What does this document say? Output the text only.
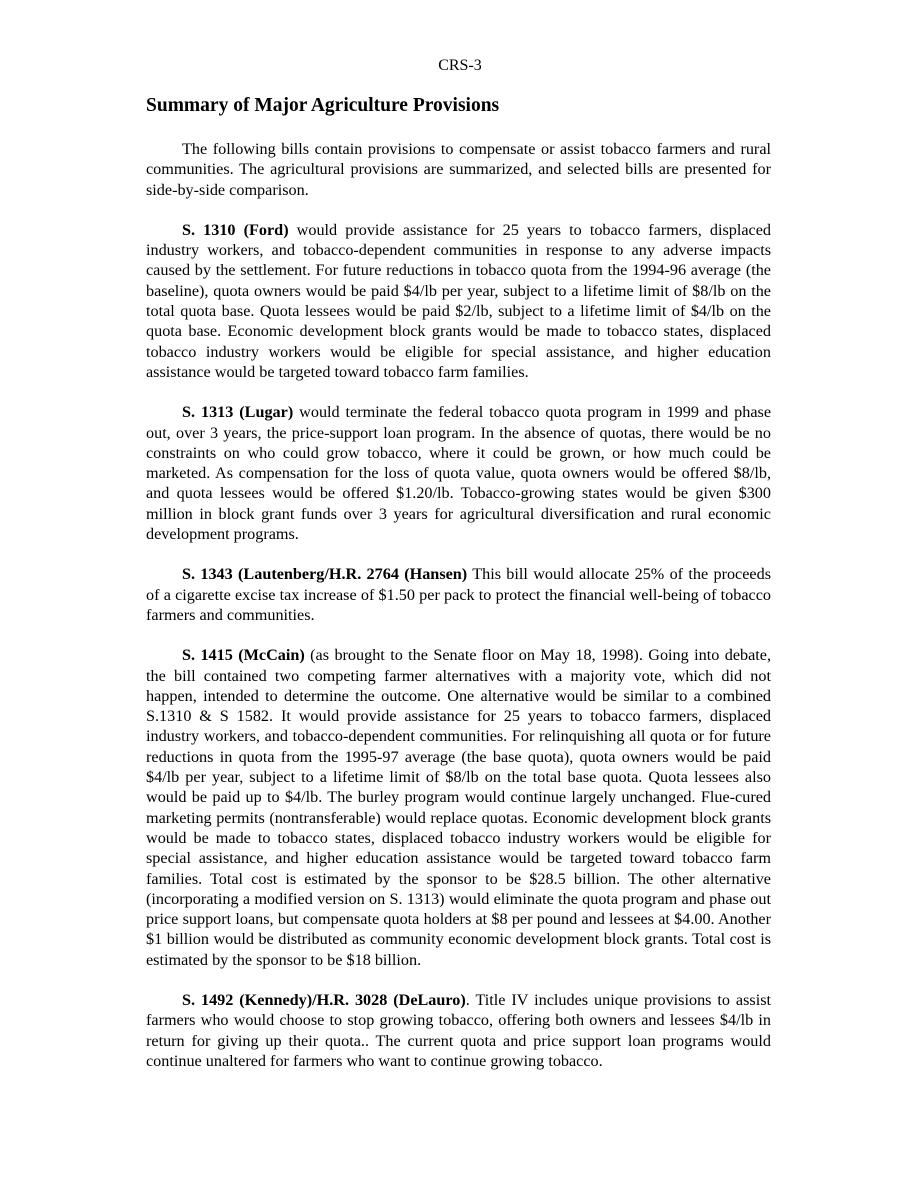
CRS-3
Summary of Major Agriculture Provisions

The following bills contain provisions to compensate or assist tobacco farmers and rural communities. The agricultural provisions are summarized, and selected bills are presented for side-by-side comparison.

S. 1310 (Ford) would provide assistance for 25 years to tobacco farmers, displaced industry workers, and tobacco-dependent communities in response to any adverse impacts caused by the settlement. For future reductions in tobacco quota from the 1994-96 average (the baseline), quota owners would be paid $4/lb per year, subject to a lifetime limit of $8/lb on the total quota base. Quota lessees would be paid $2/lb, subject to a lifetime limit of $4/lb on the quota base. Economic development block grants would be made to tobacco states, displaced tobacco industry workers would be eligible for special assistance, and higher education assistance would be targeted toward tobacco farm families.

S. 1313 (Lugar) would terminate the federal tobacco quota program in 1999 and phase out, over 3 years, the price-support loan program. In the absence of quotas, there would be no constraints on who could grow tobacco, where it could be grown, or how much could be marketed. As compensation for the loss of quota value, quota owners would be offered $8/lb, and quota lessees would be offered $1.20/lb. Tobacco-growing states would be given $300 million in block grant funds over 3 years for agricultural diversification and rural economic development programs.

S. 1343 (Lautenberg/H.R. 2764 (Hansen) This bill would allocate 25% of the proceeds of a cigarette excise tax increase of $1.50 per pack to protect the financial well-being of tobacco farmers and communities.

S. 1415 (McCain) (as brought to the Senate floor on May 18, 1998). Going into debate, the bill contained two competing farmer alternatives with a majority vote, which did not happen, intended to determine the outcome. One alternative would be similar to a combined S.1310 & S 1582. It would provide assistance for 25 years to tobacco farmers, displaced industry workers, and tobacco-dependent communities. For relinquishing all quota or for future reductions in quota from the 1995-97 average (the base quota), quota owners would be paid $4/lb per year, subject to a lifetime limit of $8/lb on the total base quota. Quota lessees also would be paid up to $4/lb. The burley program would continue largely unchanged. Flue-cured marketing permits (nontransferable) would replace quotas. Economic development block grants would be made to tobacco states, displaced tobacco industry workers would be eligible for special assistance, and higher education assistance would be targeted toward tobacco farm families. Total cost is estimated by the sponsor to be $28.5 billion. The other alternative (incorporating a modified version on S. 1313) would eliminate the quota program and phase out price support loans, but compensate quota holders at $8 per pound and lessees at $4.00. Another $1 billion would be distributed as community economic development block grants. Total cost is estimated by the sponsor to be $18 billion.

S. 1492 (Kennedy)/H.R. 3028 (DeLauro). Title IV includes unique provisions to assist farmers who would choose to stop growing tobacco, offering both owners and lessees $4/lb in return for giving up their quota.. The current quota and price support loan programs would continue unaltered for farmers who want to continue growing tobacco.
